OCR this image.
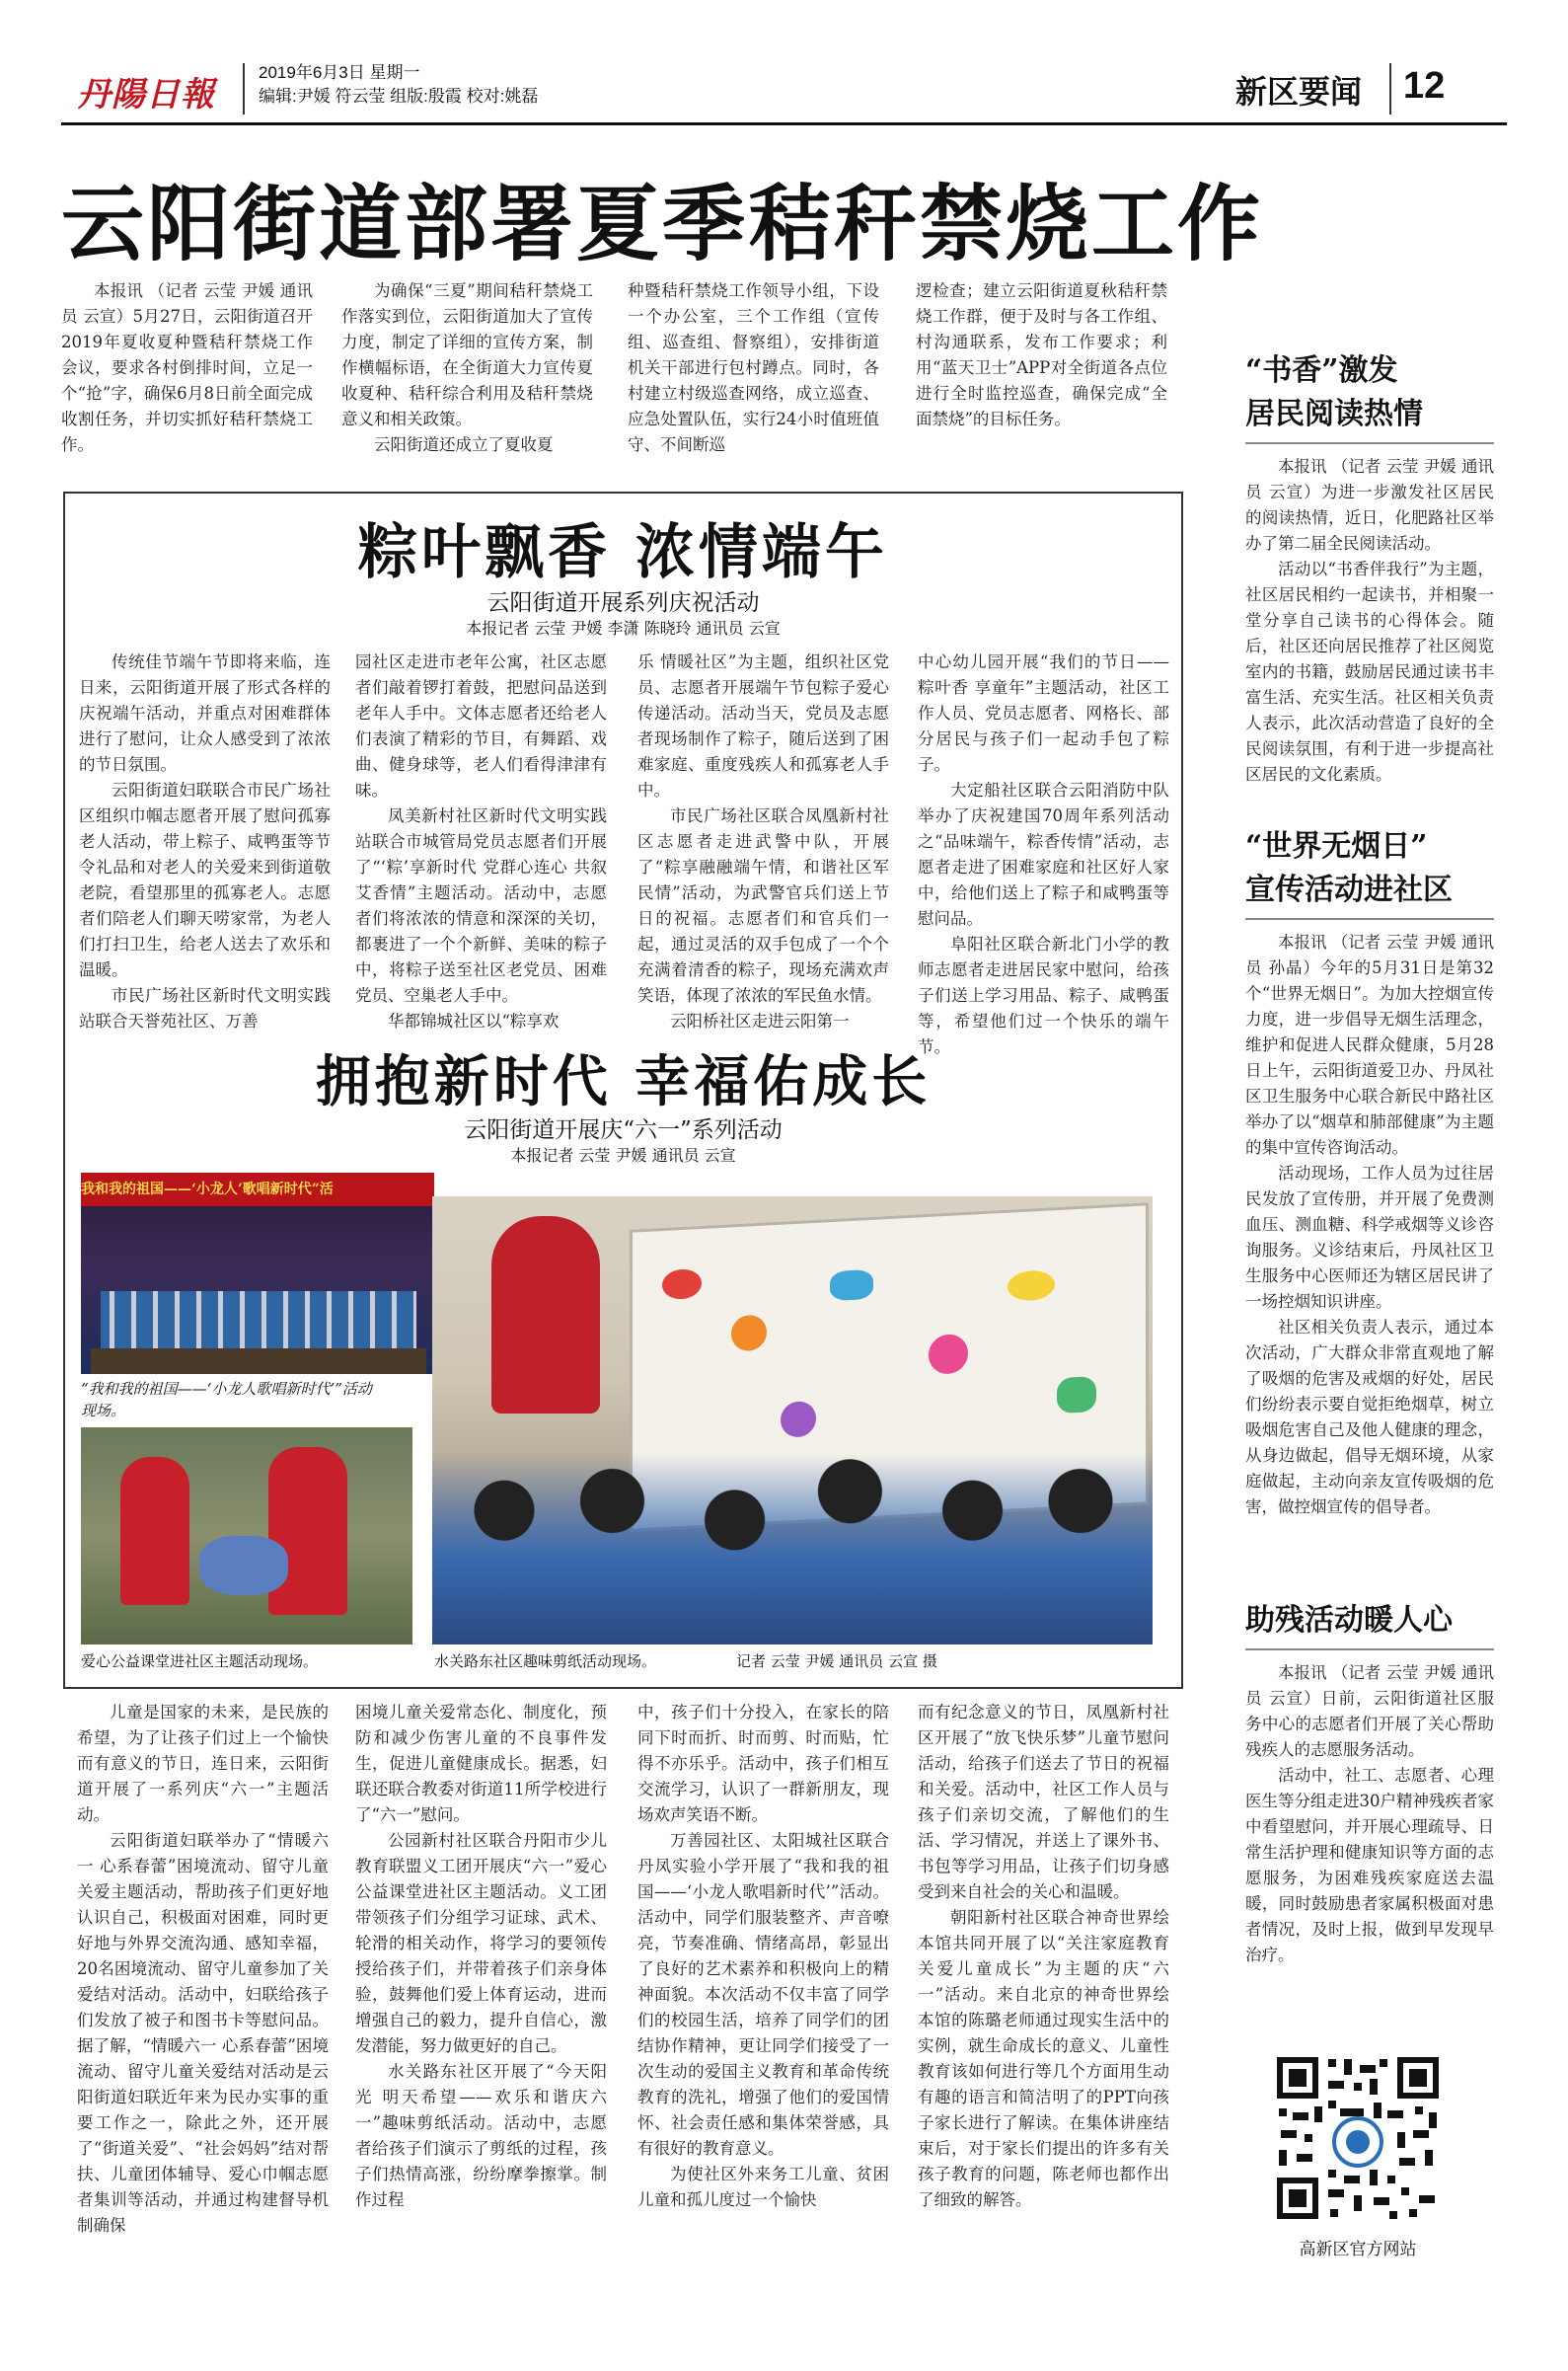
丹陽日報
2019年6月3日 星期一
编辑:尹媛 符云莹 组版:殷霞 校对:姚磊	新区要闻 12
云阳街道部署夏季秸秆禁烧工作

本报讯 （记者 云莹 尹媛 通讯员 云宣）5月27日，云阳街道召开2019年夏收夏种暨秸秆禁烧工作会议，要求各村倒排时间，立足一个“抢”字，确保6月8日前全面完成收割任务，并切实抓好秸秆禁烧工作。

为确保“三夏”期间秸秆禁烧工作落实到位，云阳街道加大了宣传力度，制定了详细的宣传方案，制作横幅标语，在全街道大力宣传夏收夏种、秸秆综合利用及秸秆禁烧意义和相关政策。

云阳街道还成立了夏收夏

种暨秸秆禁烧工作领导小组，下设一个办公室，三个工作组（宣传组、巡查组、督察组），安排街道机关干部进行包村蹲点。同时，各村建立村级巡查网络，成立巡查、应急处置队伍，实行24小时值班值守、不间断巡

逻检查；建立云阳街道夏秋秸秆禁烧工作群，便于及时与各工作组、村沟通联系，发布工作要求；利用“蓝天卫士”APP对全街道各点位进行全时监控巡查，确保完成“全面禁烧”的目标任务。

粽叶飘香 浓情端午
云阳街道开展系列庆祝活动
本报记者 云莹 尹媛 李潇 陈晓玲 通讯员 云宣

传统佳节端午节即将来临，连日来，云阳街道开展了形式各样的庆祝端午活动，并重点对困难群体进行了慰问，让众人感受到了浓浓的节日氛围。

云阳街道妇联联合市民广场社区组织巾帼志愿者开展了慰问孤寡老人活动，带上粽子、咸鸭蛋等节令礼品和对老人的关爱来到街道敬老院，看望那里的孤寡老人。志愿者们陪老人们聊天唠家常，为老人们打扫卫生，给老人送去了欢乐和温暖。

市民广场社区新时代文明实践站联合天誉苑社区、万善

园社区走进市老年公寓，社区志愿者们敲着锣打着鼓，把慰问品送到老年人手中。文体志愿者还给老人们表演了精彩的节目，有舞蹈、戏曲、健身球等，老人们看得津津有味。

凤美新村社区新时代文明实践站联合市城管局党员志愿者们开展了“‘粽’享新时代 党群心连心 共叙艾香情”主题活动。活动中，志愿者们将浓浓的情意和深深的关切，都裹进了一个个新鲜、美味的粽子中，将粽子送至社区老党员、困难党员、空巢老人手中。

华都锦城社区以“粽享欢

乐 情暖社区”为主题，组织社区党员、志愿者开展端午节包粽子爱心传递活动。活动当天，党员及志愿者现场制作了粽子，随后送到了困难家庭、重度残疾人和孤寡老人手中。

市民广场社区联合凤凰新村社区志愿者走进武警中队，开展了“粽享融融端午情，和谐社区军民情”活动，为武警官兵们送上节日的祝福。志愿者们和官兵们一起，通过灵活的双手包成了一个个充满着清香的粽子，现场充满欢声笑语，体现了浓浓的军民鱼水情。

云阳桥社区走进云阳第一

中心幼儿园开展“我们的节日——粽叶香 享童年”主题活动，社区工作人员、党员志愿者、网格长、部分居民与孩子们一起动手包了粽子。

大定船社区联合云阳消防中队举办了庆祝建国70周年系列活动之“品味端午，粽香传情”活动，志愿者走进了困难家庭和社区好人家中，给他们送上了粽子和咸鸭蛋等慰问品。

阜阳社区联合新北门小学的教师志愿者走进居民家中慰问，给孩子们送上学习用品、粽子、咸鸭蛋等，希望他们过一个快乐的端午节。

拥抱新时代 幸福佑成长
云阳街道开展庆“六一”系列活动
本报记者 云莹 尹媛 通讯员 云宣
我和我的祖国——‘小龙人’歌唱新时代”活
“我和我的祖国——‘小龙人歌唱新时代’”活动现场。
爱心公益课堂进社区主题活动现场。	水关路东社区趣味剪纸活动现场。	记者 云莹 尹媛 通讯员 云宣 摄

儿童是国家的未来，是民族的希望，为了让孩子们过上一个愉快而有意义的节日，连日来，云阳街道开展了一系列庆“六一”主题活动。

云阳街道妇联举办了“情暖六一 心系春蕾”困境流动、留守儿童关爱主题活动，帮助孩子们更好地认识自己，积极面对困难，同时更好地与外界交流沟通、感知幸福，20名困境流动、留守儿童参加了关爱结对活动。活动中，妇联给孩子们发放了被子和图书卡等慰问品。据了解，“情暖六一 心系春蕾”困境流动、留守儿童关爱结对活动是云阳街道妇联近年来为民办实事的重要工作之一，除此之外，还开展了“街道关爱”、“社会妈妈”结对帮扶、儿童团体辅导、爱心巾帼志愿者集训等活动，并通过构建督导机制确保

困境儿童关爱常态化、制度化，预防和减少伤害儿童的不良事件发生，促进儿童健康成长。据悉，妇联还联合教委对街道11所学校进行了“六一”慰问。

公园新村社区联合丹阳市少儿教育联盟义工团开展庆“六一”爱心公益课堂进社区主题活动。义工团带领孩子们分组学习证球、武术、轮滑的相关动作，将学习的要领传授给孩子们，并带着孩子们亲身体验，鼓舞他们爱上体育运动，进而增强自己的毅力，提升自信心，激发潜能，努力做更好的自己。

水关路东社区开展了“今天阳光 明天希望——欢乐和谐庆六一”趣味剪纸活动。活动中，志愿者给孩子们演示了剪纸的过程，孩子们热情高涨，纷纷摩拳擦掌。制作过程

中，孩子们十分投入，在家长的陪同下时而折、时而剪、时而贴，忙得不亦乐乎。活动中，孩子们相互交流学习，认识了一群新朋友，现场欢声笑语不断。

万善园社区、太阳城社区联合丹凤实验小学开展了“我和我的祖国——‘小龙人歌唱新时代’”活动。活动中，同学们服装整齐、声音嘹亮，节奏准确、情绪高昂，彰显出了良好的艺术素养和积极向上的精神面貌。本次活动不仅丰富了同学们的校园生活，培养了同学们的团结协作精神，更让同学们接受了一次生动的爱国主义教育和革命传统教育的洗礼，增强了他们的爱国情怀、社会责任感和集体荣誉感，具有很好的教育意义。

为使社区外来务工儿童、贫困儿童和孤儿度过一个愉快

而有纪念意义的节日，凤凰新村社区开展了“放飞快乐梦”儿童节慰问活动，给孩子们送去了节日的祝福和关爱。活动中，社区工作人员与孩子们亲切交流，了解他们的生活、学习情况，并送上了课外书、书包等学习用品，让孩子们切身感受到来自社会的关心和温暖。

朝阳新村社区联合神奇世界绘本馆共同开展了以“关注家庭教育 关爱儿童成长”为主题的庆“六一”活动。来自北京的神奇世界绘本馆的陈璐老师通过现实生活中的实例，就生命成长的意义、儿童性教育该如何进行等几个方面用生动有趣的语言和简洁明了的PPT向孩子家长进行了解读。在集体讲座结束后，对于家长们提出的许多有关孩子教育的问题，陈老师也都作出了细致的解答。

“书香”激发
居民阅读热情

本报讯 （记者 云莹 尹媛 通讯员 云宣）为进一步激发社区居民的阅读热情，近日，化肥路社区举办了第二届全民阅读活动。

活动以“书香伴我行”为主题，社区居民相约一起读书，并相聚一堂分享自己读书的心得体会。随后，社区还向居民推荐了社区阅览室内的书籍，鼓励居民通过读书丰富生活、充实生活。社区相关负责人表示，此次活动营造了良好的全民阅读氛围，有利于进一步提高社区居民的文化素质。

“世界无烟日”
宣传活动进社区

本报讯 （记者 云莹 尹媛 通讯员 孙晶）今年的5月31日是第32个“世界无烟日”。为加大控烟宣传力度，进一步倡导无烟生活理念，维护和促进人民群众健康，5月28日上午，云阳街道爱卫办、丹凤社区卫生服务中心联合新民中路社区举办了以“烟草和肺部健康”为主题的集中宣传咨询活动。

活动现场，工作人员为过往居民发放了宣传册，并开展了免费测血压、测血糖、科学戒烟等义诊咨询服务。义诊结束后，丹凤社区卫生服务中心医师还为辖区居民讲了一场控烟知识讲座。

社区相关负责人表示，通过本次活动，广大群众非常直观地了解了吸烟的危害及戒烟的好处，居民们纷纷表示要自觉拒绝烟草，树立吸烟危害自己及他人健康的理念，从身边做起，倡导无烟环境，从家庭做起，主动向亲友宣传吸烟的危害，做控烟宣传的倡导者。

助残活动暖人心

本报讯 （记者 云莹 尹媛 通讯员 云宣）日前，云阳街道社区服务中心的志愿者们开展了关心帮助残疾人的志愿服务活动。

活动中，社工、志愿者、心理医生等分组走进30户精神残疾者家中看望慰问，并开展心理疏导、日常生活护理和健康知识等方面的志愿服务，为困难残疾家庭送去温暖，同时鼓励患者家属积极面对患者情况，及时上报，做到早发现早治疗。

高新区官方网站
